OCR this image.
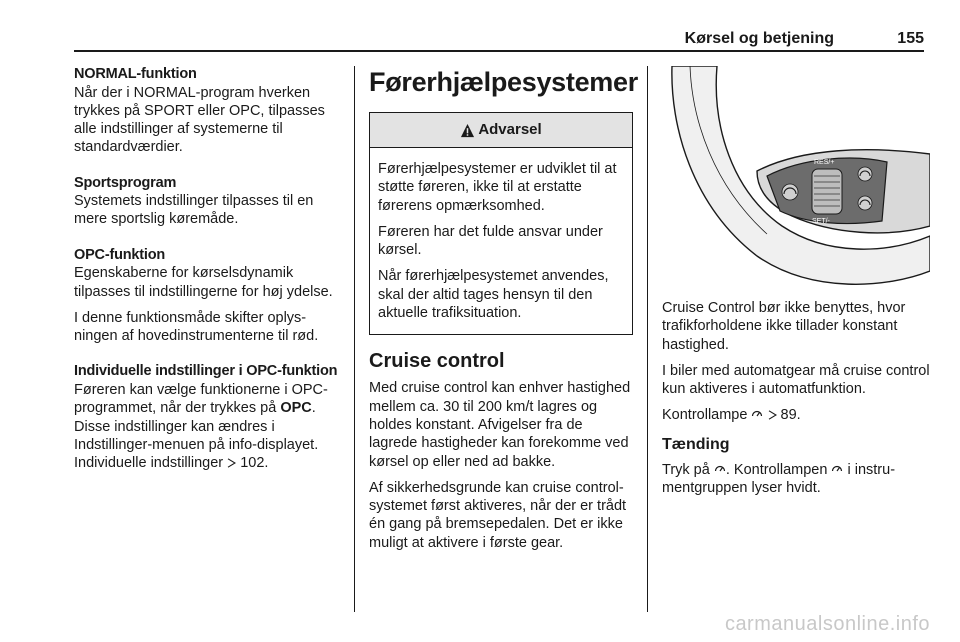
Kørsel og betjening	155
NORMAL-funktion

Når der i NORMAL-program hverken trykkes på SPORT eller OPC, tilpasses alle indstillinger af systemerne til standardværdier.

Sportsprogram

Systemets indstillinger tilpasses til en mere sportslig køremåde.

OPC-funktion

Egenskaberne for kørselsdynamik tilpasses til indstillingerne for høj ydelse.

I denne funktionsmåde skifter oplysningen af hovedinstrumenterne til rød.

Individuelle indstillinger i OPC-funktion

Føreren kan vælge funktionerne i OPC-programmet, når der trykkes på OPC. Disse indstillinger kan ændres i Indstillinger-menuen på info-displayet. Individuelle indstillinger  102.

Førerhjælpesystemer
Advarsel

Førerhjælpesystemer er udviklet til at støtte føreren, ikke til at erstatte førerens opmærksomhed.

Føreren har det fulde ansvar under kørsel.

Når førerhjælpesystemet anvendes, skal der altid tages hensyn til den aktuelle trafiksituation.

Cruise control

Med cruise control kan enhver hastighed mellem ca. 30 til 200 km/t lagres og holdes konstant. Afvigelser fra de lagrede hastigheder kan forekomme ved kørsel op eller ned ad bakke.

Af sikkerhedsgrunde kan cruise control-systemet først aktiveres, når der er trådt én gang på bremsepedalen. Det er ikke muligt at aktivere i første gear.

RES/+
SET/-

Cruise Control bør ikke benyttes, hvor trafikforholdene ikke tillader konstant hastighed.

I biler med automatgear må cruise control kun aktiveres i automatfunktion.

Kontrollampe   89.

Tænding

Tryk på . Kontrollampen  i instrumentgruppen lyser hvidt.

carmanualsonline.info
